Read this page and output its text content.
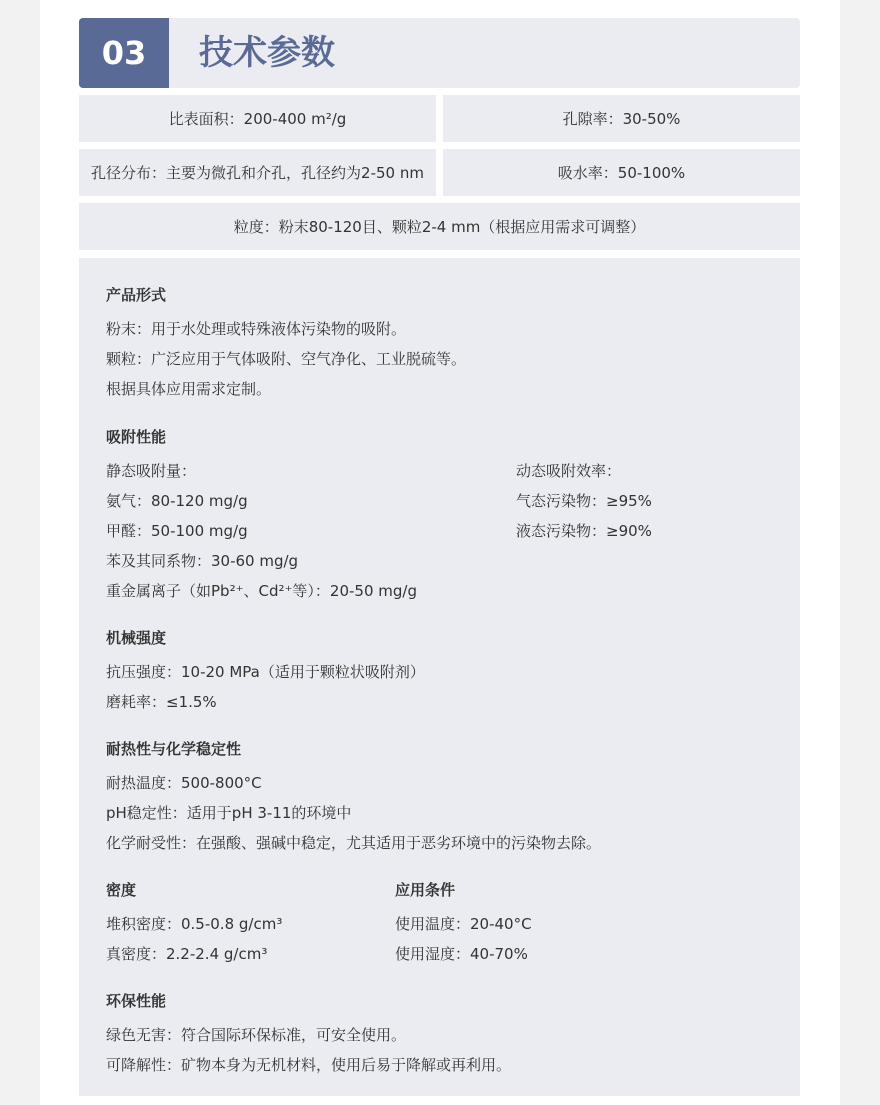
03	技术参数
比表面积：200-400 m²/g	孔隙率：30-50%
孔径分布：主要为微孔和介孔，孔径约为2-50 nm	吸水率：50-100%
粒度：粉末80-120目、颗粒2-4 mm（根据应用需求可调整）
产品形式
粉末：用于水处理或特殊液体污染物的吸附。
颗粒：广泛应用于气体吸附、空气净化、工业脱硫等。
根据具体应用需求定制。
吸附性能
静态吸附量：
氨气：80-120 mg/g
甲醛：50-100 mg/g
苯及其同系物：30-60 mg/g
重金属离子（如Pb²⁺、Cd²⁺等）：20-50 mg/g
动态吸附效率：
气态污染物：≥95%
液态污染物：≥90%
机械强度
抗压强度：10-20 MPa（适用于颗粒状吸附剂）
磨耗率：≤1.5%
耐热性与化学稳定性
耐热温度：500-800°C
pH稳定性：适用于pH 3-11的环境中
化学耐受性：在强酸、强碱中稳定，尤其适用于恶劣环境中的污染物去除。
密度
堆积密度：0.5-0.8 g/cm³
真密度：2.2-2.4 g/cm³
应用条件
使用温度：20-40°C
使用湿度：40-70%
环保性能
绿色无害：符合国际环保标准，可安全使用。
可降解性：矿物本身为无机材料，使用后易于降解或再利用。
